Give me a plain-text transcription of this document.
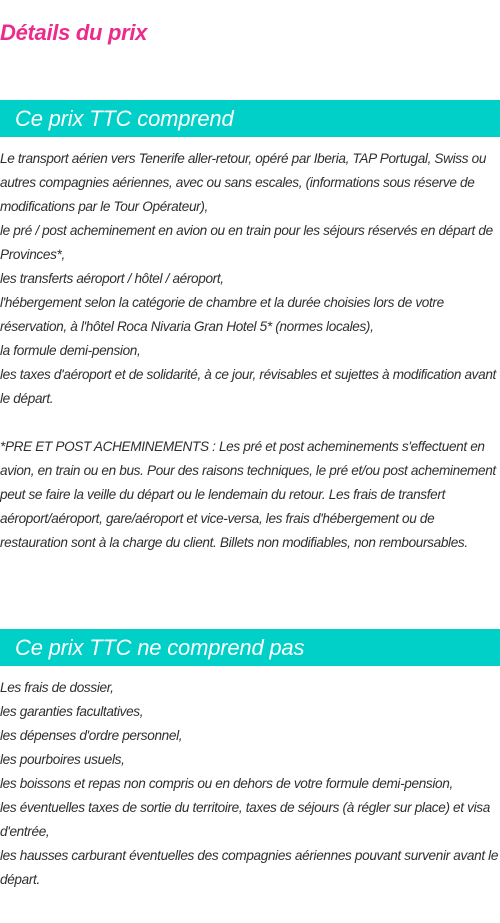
Détails du prix
Ce prix TTC comprend

Le transport aérien vers Tenerife aller-retour, opéré par Iberia, TAP Portugal, Swiss ou autres compagnies aériennes, avec ou sans escales, (informations sous réserve de modifications par le Tour Opérateur),

le pré / post acheminement en avion ou en train pour les séjours réservés en départ de Provinces*,

les transferts aéroport / hôtel / aéroport,

l'hébergement selon la catégorie de chambre et la durée choisies lors de votre réservation, à l'hôtel Roca Nivaria Gran Hotel 5* (normes locales),

la formule demi-pension,

les taxes d'aéroport et de solidarité, à ce jour, révisables et sujettes à modification avant le départ.

*PRE ET POST ACHEMINEMENTS : Les pré et post acheminements s'effectuent en avion, en train ou en bus. Pour des raisons techniques, le pré et/ou post acheminement peut se faire la veille du départ ou le lendemain du retour. Les frais de transfert aéroport/aéroport, gare/aéroport et vice-versa, les frais d'hébergement ou de restauration sont à la charge du client. Billets non modifiables, non remboursables.

Ce prix TTC ne comprend pas

Les frais de dossier,

les garanties facultatives,

les dépenses d'ordre personnel,

les pourboires usuels,

les boissons et repas non compris ou en dehors de votre formule demi-pension,

les éventuelles taxes de sortie du territoire, taxes de séjours (à régler sur place) et visa d'entrée,

les hausses carburant éventuelles des compagnies aériennes pouvant survenir avant le départ.
